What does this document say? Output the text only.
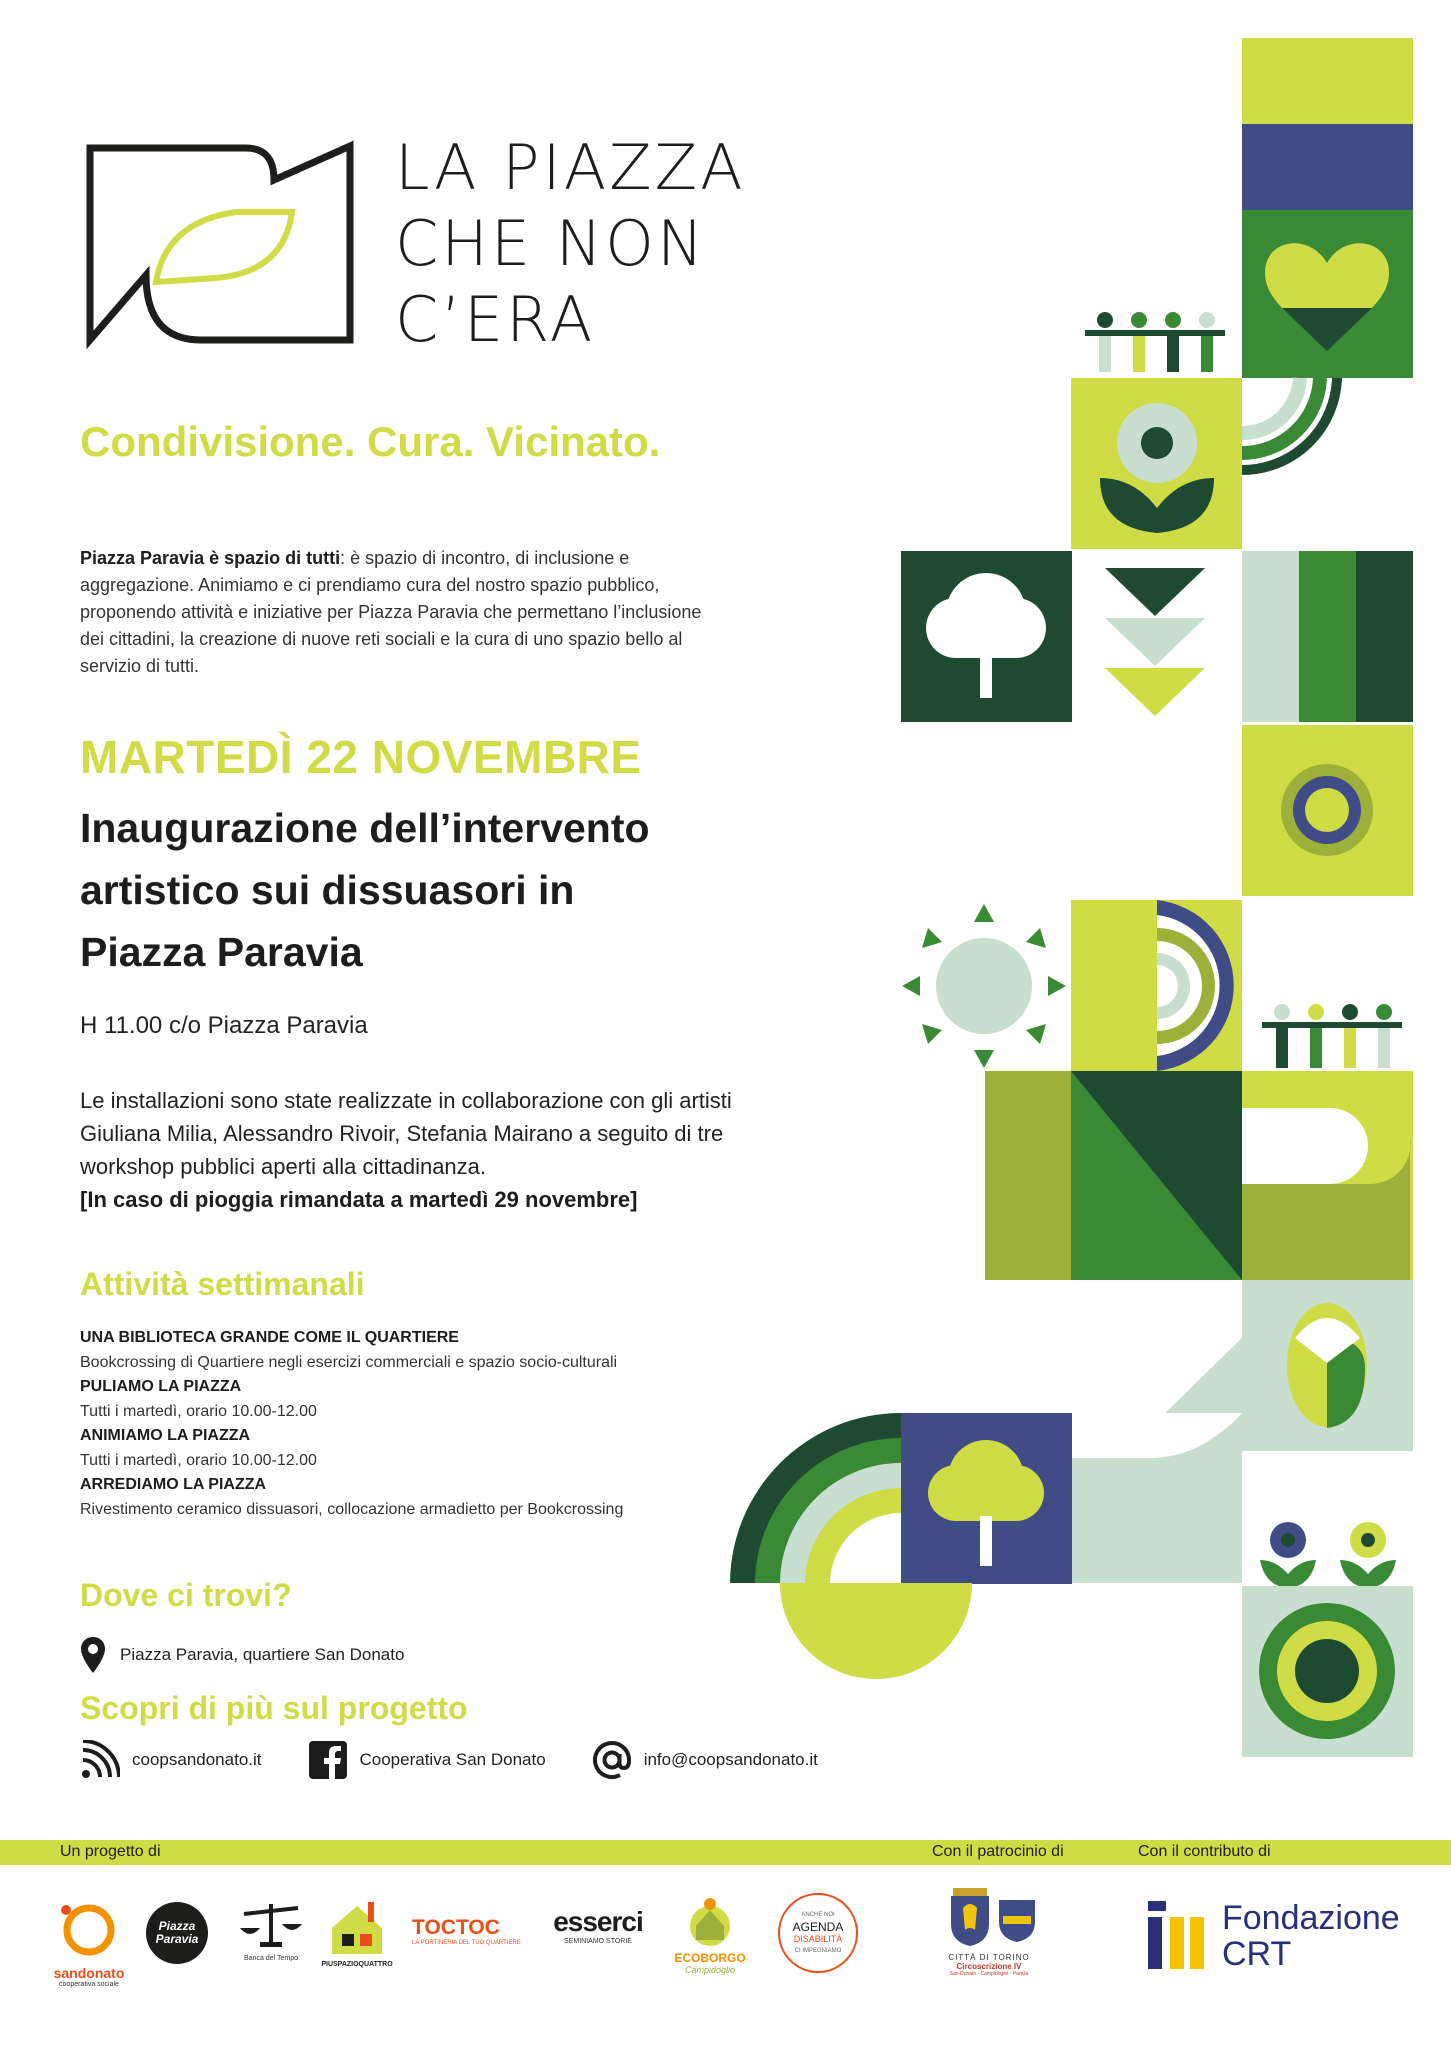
LA PIAZZA
CHE NON
C’ERA
Condivisione. Cura. Vicinato.
Piazza Paravia è spazio di tutti: è spazio di incontro, di inclusione e aggregazione. Animiamo e ci prendiamo cura del nostro spazio pubblico, proponendo attività e iniziative per Piazza Paravia che permettano l’inclusione dei cittadini, la creazione di nuove reti sociali e la cura di uno spazio bello al servizio di tutti.
MARTEDÌ 22 NOVEMBRE
Inaugurazione dell’intervento
artistico sui dissuasori in
Piazza Paravia
H 11.00 c/o Piazza Paravia
Le installazioni sono state realizzate in collaborazione con gli artisti Giuliana Milia, Alessandro Rivoir, Stefania Mairano a seguito di tre workshop pubblici aperti alla cittadinanza.
[In caso di pioggia rimandata a martedì 29 novembre]
Attività settimanali
UNA BIBLIOTECA GRANDE COME IL QUARTIERE
Bookcrossing di Quartiere negli esercizi commerciali e spazio socio-culturali
PULIAMO LA PIAZZA
Tutti i martedì, orario 10.00-12.00
ANIMIAMO LA PIAZZA
Tutti i martedì, orario 10.00-12.00
ARREDIAMO LA PIAZZA
Rivestimento ceramico dissuasori, collocazione armadietto per Bookcrossing
Dove ci trovi?
Piazza Paravia, quartiere San Donato
Scopri di più sul progetto
coopsandonato.it	Cooperativa San Donato	info@coopsandonato.it
Un progetto di	Con il patrocinio di	Con il contributo di
sandonato
cooperativa sociale
Piazza Paravia
Banca del Tempo
PIUSPAZIOQUATTRO
TOCTOC
LA PORTINERIA DEL TUO QUARTIERE
esserci
SEMINIAMO STORIE
ECOBORGO
Campidoglio
ANCHE NOI
AGENDA
DISABILITÀ
CI IMPEGNIAMO
CITTÀ DI TORINO
Circoscrizione IV
San Donato - Campidoglio - Parella
Fondazione
CRT
